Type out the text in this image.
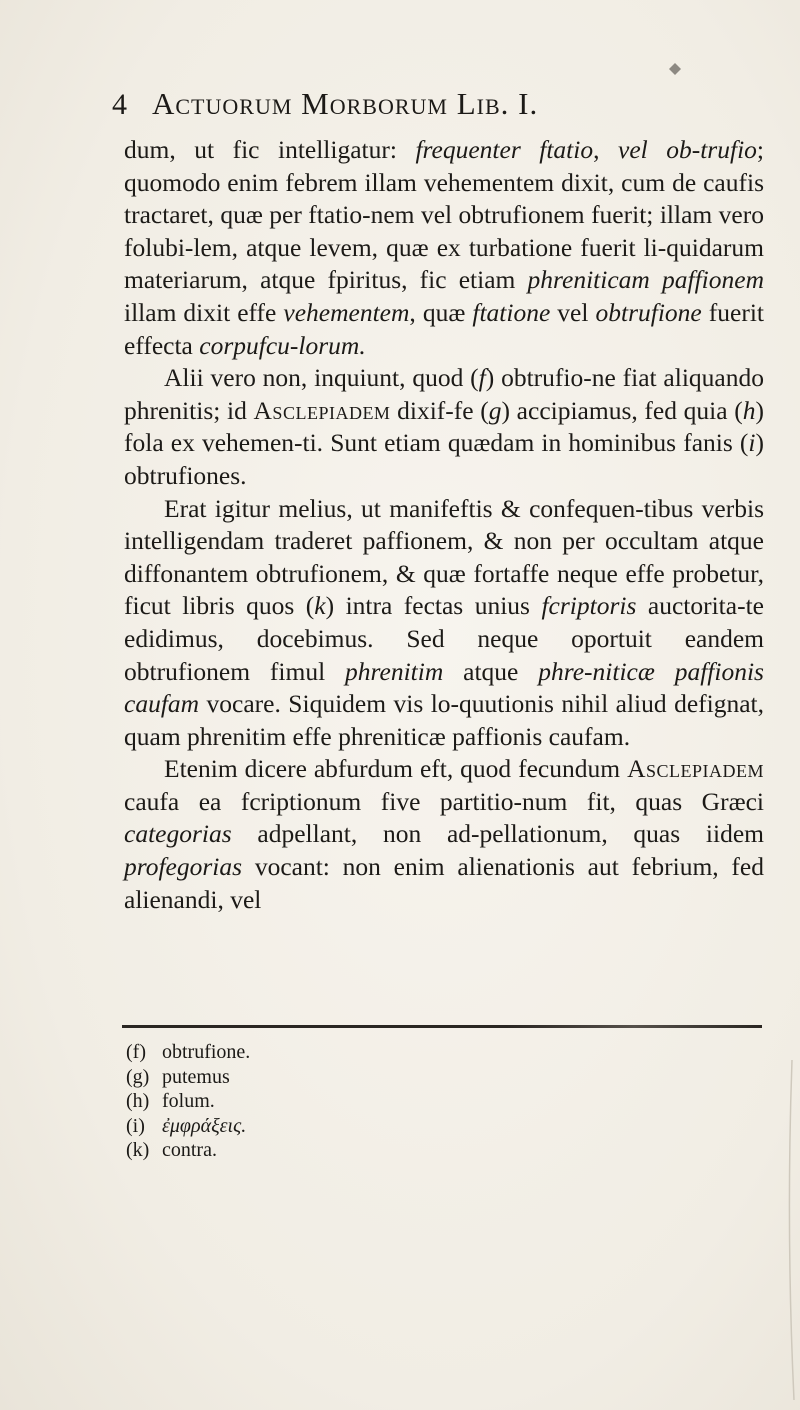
4 Actuorum Morborum Lib. I.

dum, ut fic intelligatur: frequenter ftatio, vel ob-trufio; quomodo enim febrem illam vehementem dixit, cum de caufis tractaret, quæ per ftatio-nem vel obtrufionem fuerit; illam vero folubi-lem, atque levem, quæ ex turbatione fuerit li-quidarum materiarum, atque fpiritus, fic etiam phreniticam paffionem illam dixit effe vehementem, quæ ftatione vel obtrufione fuerit effecta corpufcu-lorum.

Alii vero non, inquiunt, quod (f) obtrufio-ne fiat aliquando phrenitis; id Asclepiadem dixif-fe (g) accipiamus, fed quia (h) fola ex vehemen-ti. Sunt etiam quædam in hominibus fanis (i) obtrufiones.

Erat igitur melius, ut manifeftis & confequen-tibus verbis intelligendam traderet paffionem, & non per occultam atque diffonantem obtrufionem, & quæ fortaffe neque effe probetur, ficut libris quos (k) intra fectas unius fcriptoris auctorita-te edidimus, docebimus. Sed neque oportuit eandem obtrufionem fimul phrenitim atque phre-niticæ paffionis caufam vocare. Siquidem vis lo-quutionis nihil aliud defignat, quam phrenitim effe phreniticæ paffionis caufam.

Etenim dicere abfurdum eft, quod fecundum Asclepiadem caufa ea fcriptionum five partitio-num fit, quas Græci categorias adpellant, non ad-pellationum, quas iidem profegorias vocant: non enim alienationis aut febrium, fed alienandi, vel

(f) obtrufione.
(g) putemus
(h) folum.
(i) ἐμφράξεις.
(k) contra.
